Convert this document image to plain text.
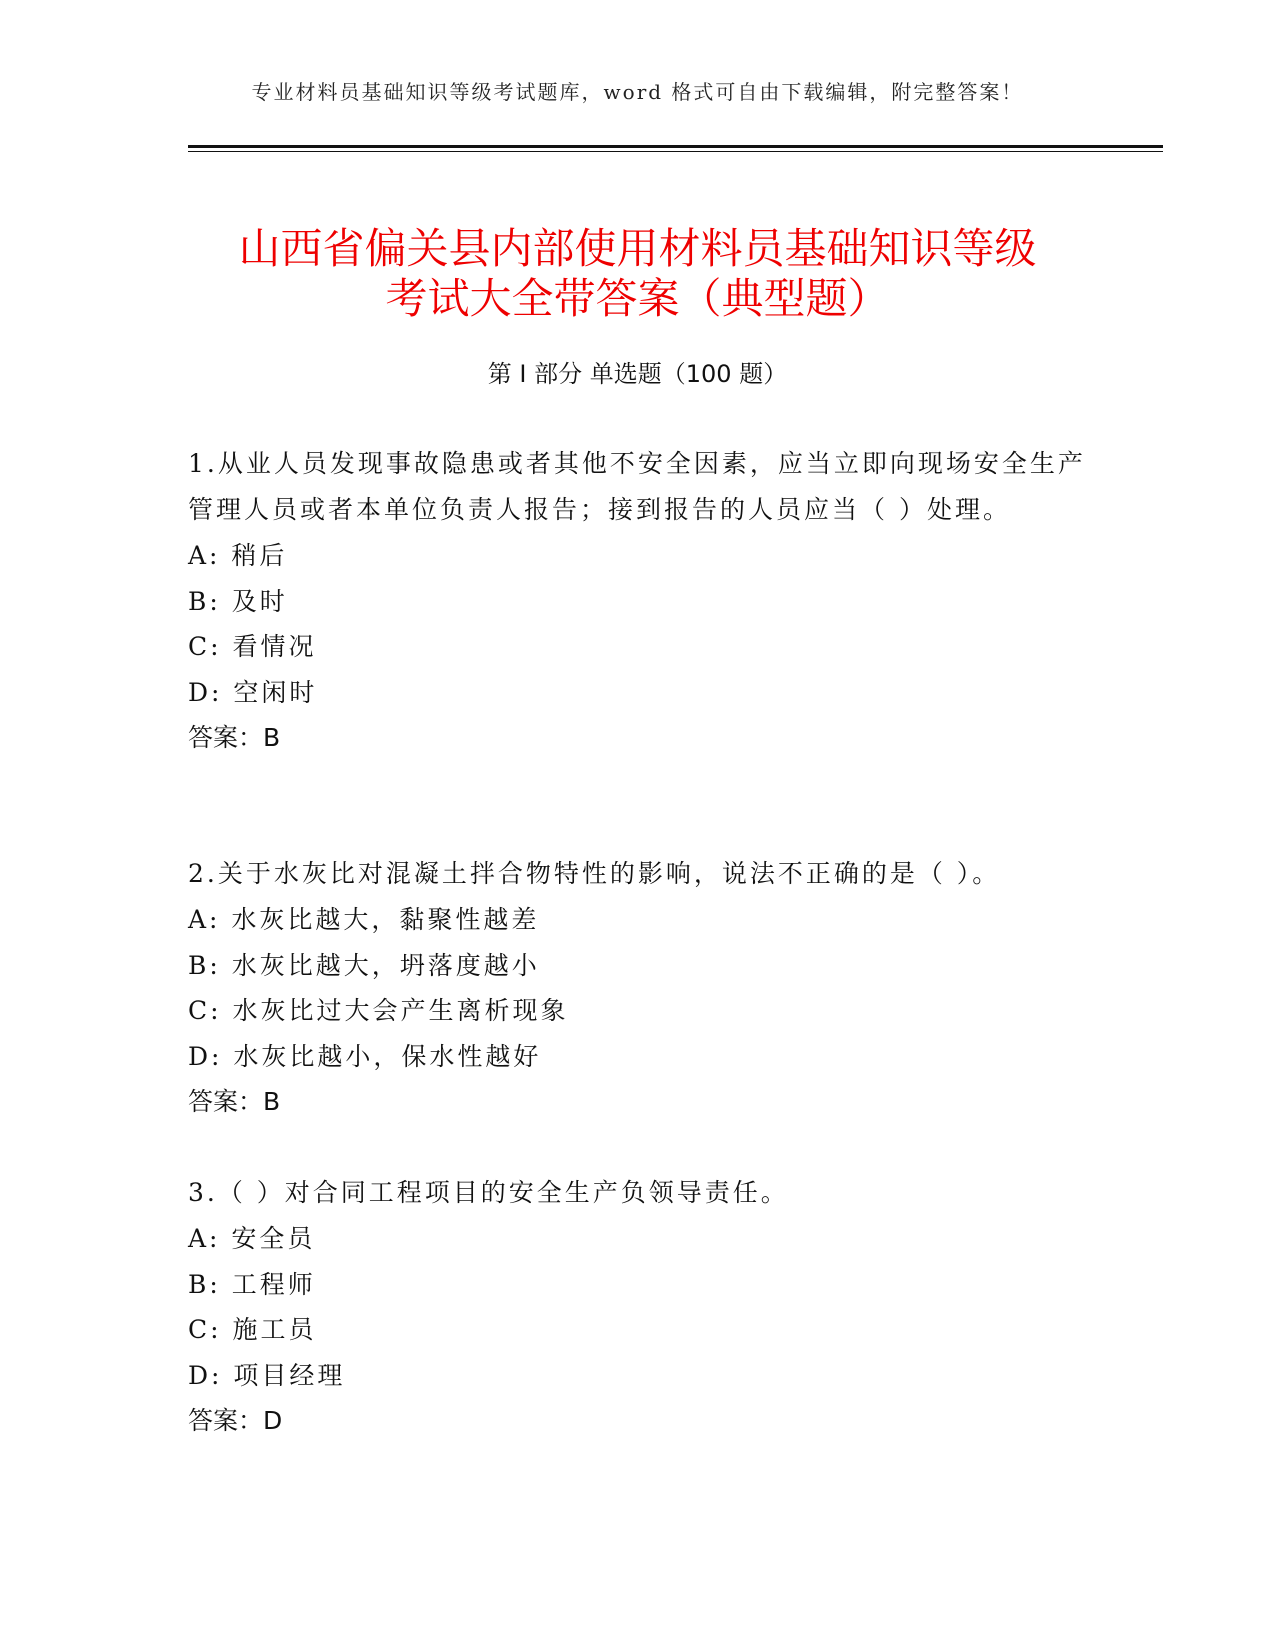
专业材料员基础知识等级考试题库，word 格式可自由下载编辑，附完整答案！
山西省偏关县内部使用材料员基础知识等级
考试大全带答案（典型题）
第 I 部分 单选题（100 题）

1.从业人员发现事故隐患或者其他不安全因素，应当立即向现场安全生产管理人员或者本单位负责人报告；接到报告的人员应当（ ）处理。

A: 稍后

B: 及时

C: 看情况

D: 空闲时

答案：B

2.关于水灰比对混凝土拌合物特性的影响，说法不正确的是（ ）。

A: 水灰比越大，黏聚性越差

B: 水灰比越大，坍落度越小

C: 水灰比过大会产生离析现象

D: 水灰比越小，保水性越好

答案：B

3.（ ）对合同工程项目的安全生产负领导责任。

A: 安全员

B: 工程师

C: 施工员

D: 项目经理

答案：D
